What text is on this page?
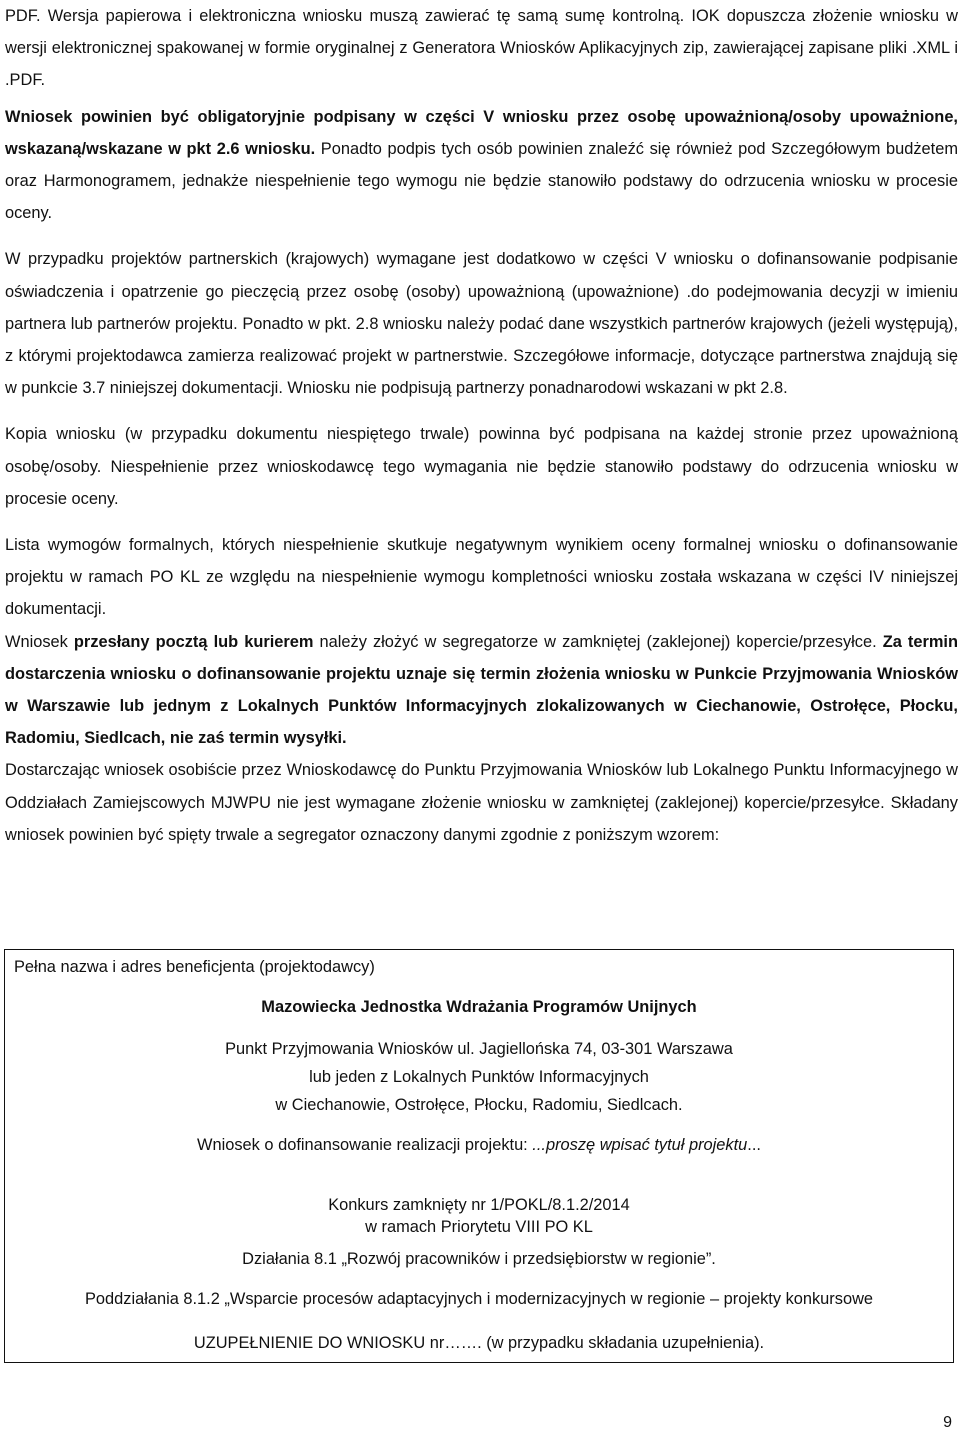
PDF. Wersja papierowa i elektroniczna wniosku muszą zawierać tę samą sumę kontrolną. IOK dopuszcza złożenie wniosku w wersji elektronicznej spakowanej w formie oryginalnej z Generatora Wniosków Aplikacyjnych zip, zawierającej zapisane pliki .XML i .PDF.

Wniosek powinien być obligatoryjnie podpisany w części V wniosku przez osobę upoważnioną/osoby upoważnione, wskazaną/wskazane w pkt 2.6 wniosku. Ponadto podpis tych osób powinien znaleźć się również pod Szczegółowym budżetem oraz Harmonogramem, jednakże niespełnienie tego wymogu nie będzie stanowiło podstawy do odrzucenia wniosku w procesie oceny.

W przypadku projektów partnerskich (krajowych) wymagane jest dodatkowo w części V wniosku o dofinansowanie podpisanie oświadczenia i opatrzenie go pieczęcią przez osobę (osoby) upoważnioną (upoważnione) .do podejmowania decyzji w imieniu partnera lub partnerów projektu. Ponadto w pkt. 2.8 wniosku należy podać dane wszystkich partnerów krajowych (jeżeli występują), z którymi projektodawca zamierza realizować projekt w partnerstwie. Szczegółowe informacje, dotyczące partnerstwa znajdują się w punkcie 3.7 niniejszej dokumentacji. Wniosku nie podpisują partnerzy ponadnarodowi wskazani w pkt 2.8.

Kopia wniosku (w przypadku dokumentu niespiętego trwale) powinna być podpisana na każdej stronie przez upoważnioną osobę/osoby. Niespełnienie przez wnioskodawcę tego wymagania nie będzie stanowiło podstawy do odrzucenia wniosku w procesie oceny.

Lista wymogów formalnych, których niespełnienie skutkuje negatywnym wynikiem oceny formalnej wniosku o dofinansowanie projektu w ramach PO KL ze względu na niespełnienie wymogu kompletności wniosku została wskazana w części IV niniejszej dokumentacji.

Wniosek przesłany pocztą lub kurierem należy złożyć w segregatorze w zamkniętej (zaklejonej) kopercie/przesyłce. Za termin dostarczenia wniosku o dofinansowanie projektu uznaje się termin złożenia wniosku w Punkcie Przyjmowania Wniosków w Warszawie lub jednym z Lokalnych Punktów Informacyjnych zlokalizowanych w Ciechanowie, Ostrołęce, Płocku, Radomiu, Siedlcach, nie zaś termin wysyłki.

Dostarczając wniosek osobiście przez Wnioskodawcę do Punktu Przyjmowania Wniosków lub Lokalnego Punktu Informacyjnego w Oddziałach Zamiejscowych MJWPU nie jest wymagane złożenie wniosku w zamkniętej (zaklejonej) kopercie/przesyłce. Składany wniosek powinien być spięty trwale a segregator oznaczony danymi zgodnie z poniższym wzorem:

Pełna nazwa i adres beneficjenta (projektodawcy)
Mazowiecka Jednostka Wdrażania Programów Unijnych
Punkt Przyjmowania Wniosków ul. Jagiellońska 74, 03-301 Warszawa
lub jeden z Lokalnych Punktów Informacyjnych
w Ciechanowie, Ostrołęce, Płocku, Radomiu, Siedlcach.
Wniosek o dofinansowanie realizacji projektu: ...proszę wpisać tytuł projektu...
Konkurs zamknięty nr 1/POKL/8.1.2/2014
w ramach Priorytetu VIII PO KL
Działania 8.1 „Rozwój pracowników i przedsiębiorstw w regionie”.
Poddziałania 8.1.2 „Wsparcie procesów adaptacyjnych i modernizacyjnych w regionie – projekty konkursowe
UZUPEŁNIENIE DO WNIOSKU nr……. (w przypadku składania uzupełnienia).
9
